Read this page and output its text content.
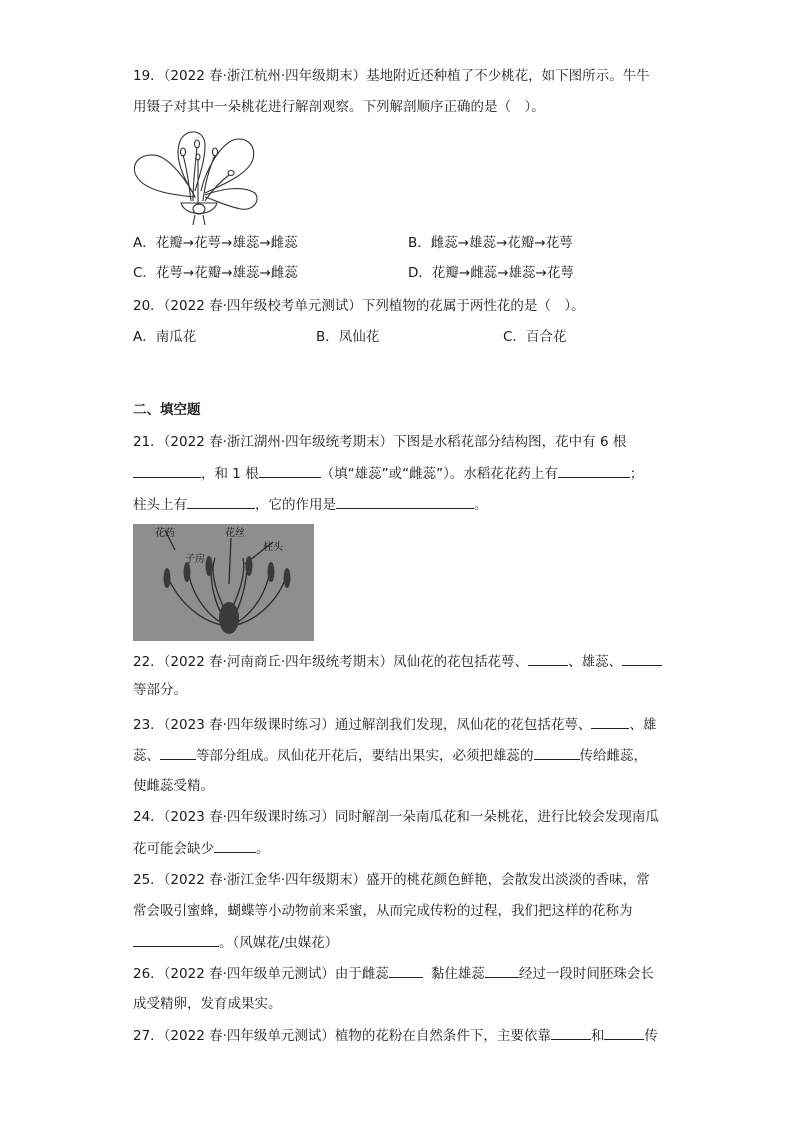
19．（2022 春·浙江杭州·四年级期末）基地附近还种植了不少桃花，如下图所示。牛牛
用镊子对其中一朵桃花进行解剖观察。下列解剖顺序正确的是（　）。
A．花瓣→花萼→雄蕊→雌蕊	B．雌蕊→雄蕊→花瓣→花萼
C．花萼→花瓣→雄蕊→雌蕊	D．花瓣→雌蕊→雄蕊→花萼
20．（2022 春·四年级校考单元测试）下列植物的花属于两性花的是（　）。
A．南瓜花	B．凤仙花	C．百合花
二、填空题
21．（2022 春·浙江湖州·四年级统考期末）下图是水稻花部分结构图，花中有 6 根
，和 1 根	（填“雄蕊”或“雌蕊”）。水稻花花药上有	；
柱头上有	，它的作用是	。
花药	花丝
子房
柱头
22．（2022 春·河南商丘·四年级统考期末）凤仙花的花包括花萼、	、雄蕊、
等部分。
23．（2023 春·四年级课时练习）通过解剖我们发现，凤仙花的花包括花萼、	、雄
蕊、	等部分组成。凤仙花开花后，要结出果实，必须把雄蕊的	传给雌蕊，
使雌蕊受精。
24．（2023 春·四年级课时练习）同时解剖一朵南瓜花和一朵桃花，进行比较会发现南瓜
花可能会缺少	。
25．（2022 春·浙江金华·四年级期末）盛开的桃花颜色鲜艳，会散发出淡淡的香味，常
常会吸引蜜蜂，蝴蝶等小动物前来采蜜，从而完成传粉的过程，我们把这样的花称为
。（风媒花/虫媒花）
26．（2022 春·四年级单元测试）由于雌蕊	黏住雄蕊	经过一段时间胚珠会长
成受精卵，发育成果实。
27．（2022 春·四年级单元测试）植物的花粉在自然条件下，主要依靠	和	传
